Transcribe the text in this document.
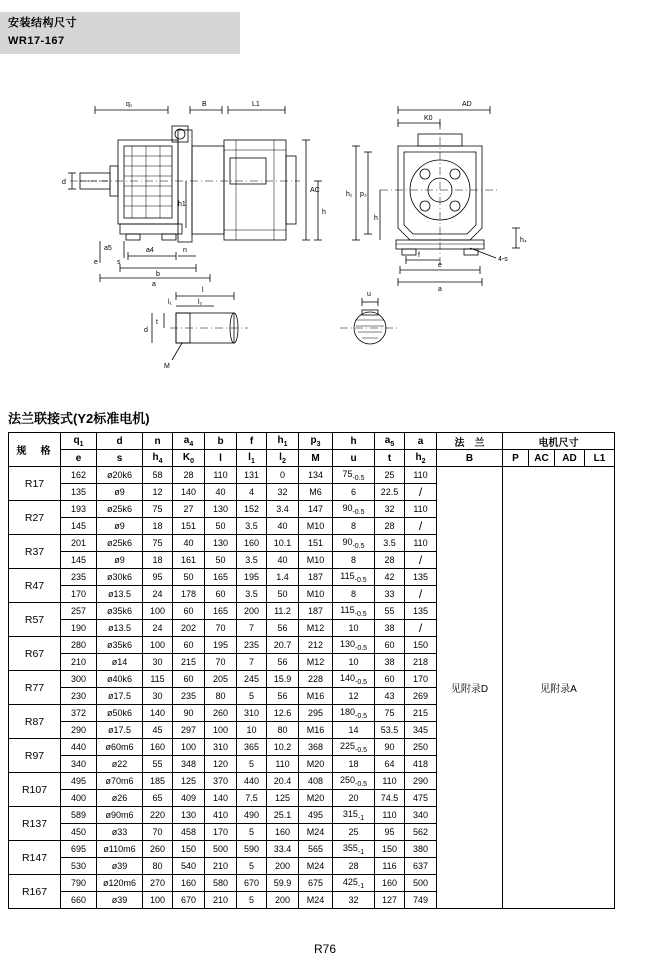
安装结构尺寸
WR17-167
q₁	B	L1
d
e	s
a4	n
b
a
h1
AC
h
a5
AD
K0
h₂ p₃
h
f
e
4-s
h₄
a
l
l₁	l₂
t
d
M
u
法兰联接式(Y2标准电机)
规　格	$q_1$	d	n	$a_4$	b	f	$h_1$	$p_3$	h	$a_5$	a	法　兰	电机尺寸			
	e	s	$h_4$	$K_0$	l	$l_1$	$l_2$	M	u	t	$h_2$	B	P	AC	AD	L1
R17	162	ø20k6	58	28	110	131	0	134	$75_{-0.5}$	25	110	见附录D	见附录A			
	135	ø9	12	140	40	4	32	M6	6	22.5	/					
R27	193	ø25k6	75	27	130	152	3.4	147	$90_{-0.5}$	32	110					
	145	ø9	18	151	50	3.5	40	M10	8	28	/					
R37	201	ø25k6	75	40	130	160	10.1	151	$90_{-0.5}$	3.5	110					
	145	ø9	18	161	50	3.5	40	M10	8	28	/					
R47	235	ø30k6	95	50	165	195	1.4	187	$115_{-0.5}$	42	135					
	170	ø13.5	24	178	60	3.5	50	M10	8	33	/					
R57	257	ø35k6	100	60	165	200	11.2	187	$115_{-0.5}$	55	135					
	190	ø13.5	24	202	70	7	56	M12	10	38	/					
R67	280	ø35k6	100	60	195	235	20.7	212	$130_{-0.5}$	60	150					
	210	ø14	30	215	70	7	56	M12	10	38	218					
R77	300	ø40k6	115	60	205	245	15.9	228	$140_{-0.5}$	60	170					
	230	ø17.5	30	235	80	5	56	M16	12	43	269					
R87	372	ø50k6	140	90	260	310	12.6	295	$180_{-0.5}$	75	215					
	290	ø17.5	45	297	100	10	80	M16	14	53.5	345					
R97	440	ø60m6	160	100	310	365	10.2	368	$225_{-0.5}$	90	250					
	340	ø22	55	348	120	5	110	M20	18	64	418					
R107	495	ø70m6	185	125	370	440	20.4	408	$250_{-0.5}$	110	290					
	400	ø26	65	409	140	7.5	125	M20	20	74.5	475					
R137	589	ø90m6	220	130	410	490	25.1	495	$315_{-1}$	110	340					
	450	ø33	70	458	170	5	160	M24	25	95	562					
R147	695	ø110m6	260	150	500	590	33.4	565	$355_{-1}$	150	380					
	530	ø39	80	540	210	5	200	M24	28	116	637					
R167	790	ø120m6	270	160	580	670	59.9	675	$425_{-1}$	160	500					
	660	ø39	100	670	210	5	200	M24	32	127	749					
R76
